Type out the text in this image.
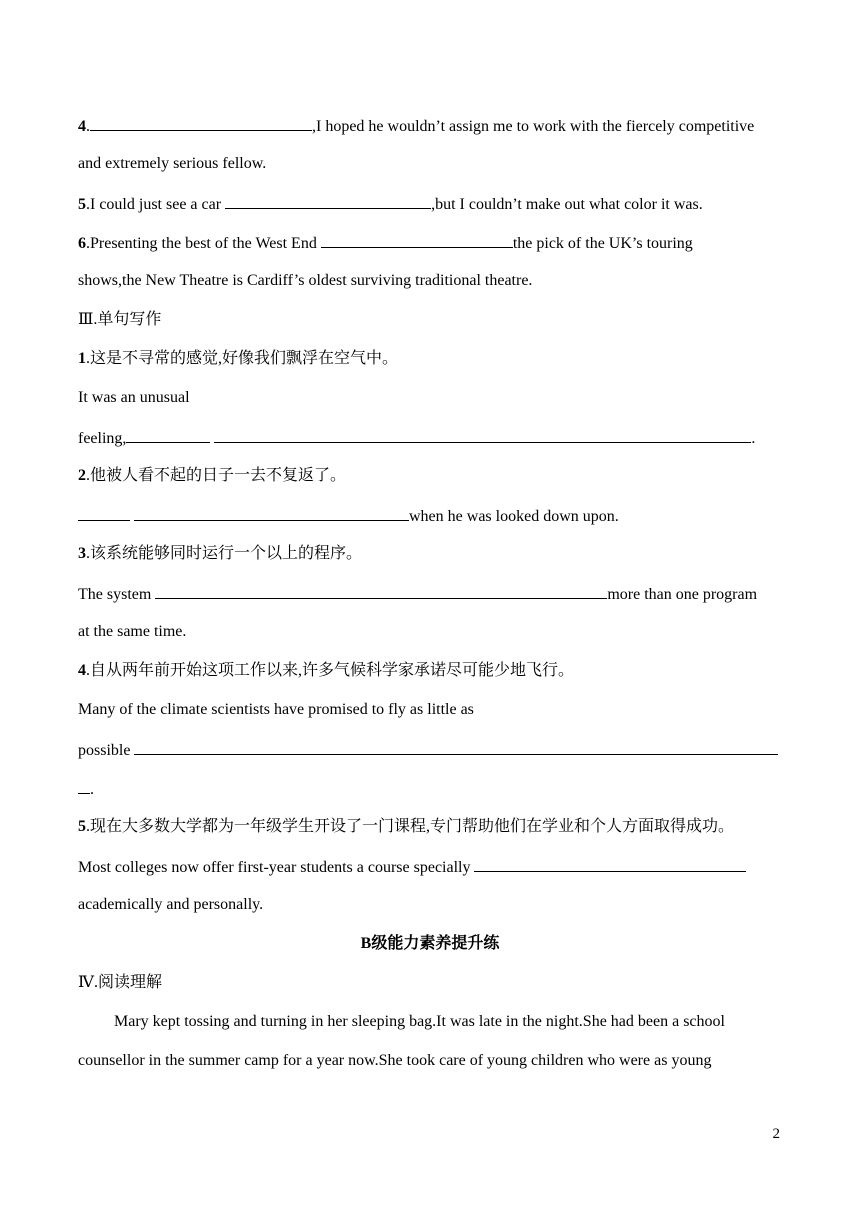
4.	,I hoped he wouldn’t assign me to work with the fiercely competitive
and extremely serious fellow.
5.I could just see a car	,but I couldn’t make out what color it was.
6.Presenting the best of the West End	the pick of the UK’s touring
shows,the New Theatre is Cardiff’s oldest surviving traditional theatre.
Ⅲ.单句写作
1.这是不寻常的感觉,好像我们飘浮在空气中。
It was an unusual
feeling,	.
2.他被人看不起的日子一去不复返了。
when he was looked down upon.
3.该系统能够同时运行一个以上的程序。
The system	more than one program
at the same time.
4.自从两年前开始这项工作以来,许多气候科学家承诺尽可能少地飞行。
Many of the climate scientists have promised to fly as little as
possible
.
5.现在大多数大学都为一年级学生开设了一门课程,专门帮助他们在学业和个人方面取得成功。
Most colleges now offer first-year students a course specially
academically and personally.
B级能力素养提升练
Ⅳ.阅读理解
Mary kept tossing and turning in her sleeping bag.It was late in the night.She had been a school
counsellor in the summer camp for a year now.She took care of young children who were as young
2
